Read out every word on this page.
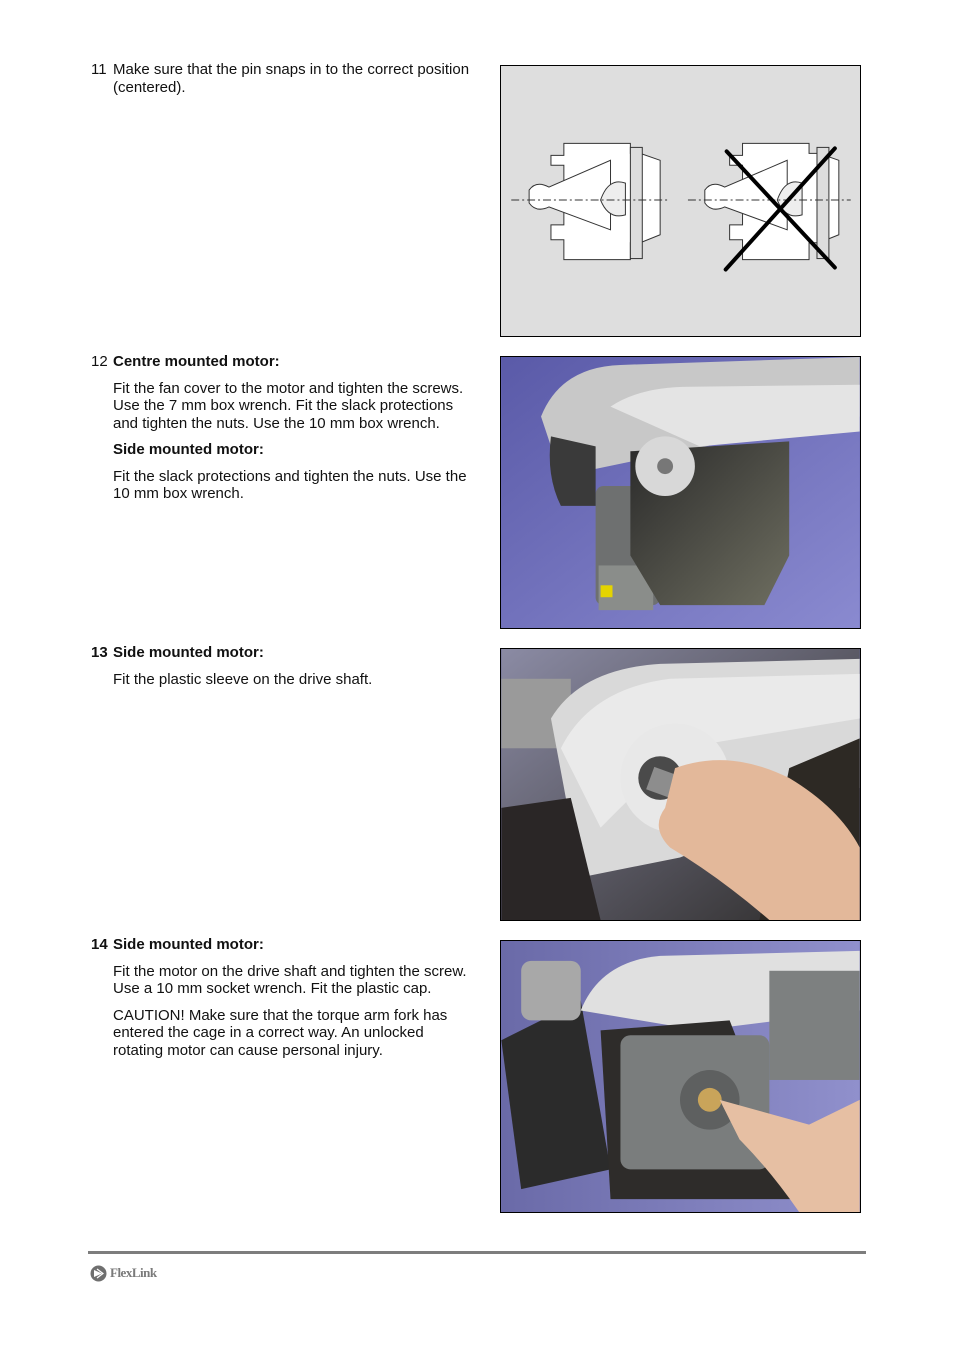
11 Make sure that the pin snaps in to the correct position (centered).
12 Centre mounted motor:

Fit the fan cover to the motor and tighten the screws. Use the 7 mm box wrench. Fit the slack protections and tighten the nuts. Use the 10 mm box wrench.

Side mounted motor:

Fit the slack protections and tighten the nuts. Use the 10 mm box wrench.

13 Side mounted motor:

Fit the plastic sleeve on the drive shaft.

14 Side mounted motor:

Fit the motor on the drive shaft and tighten the screw. Use a 10 mm socket wrench. Fit the plastic cap.

CAUTION! Make sure that the torque arm fork has entered the cage in a correct way. An unlocked rotating motor can cause personal injury.

FlexLink
